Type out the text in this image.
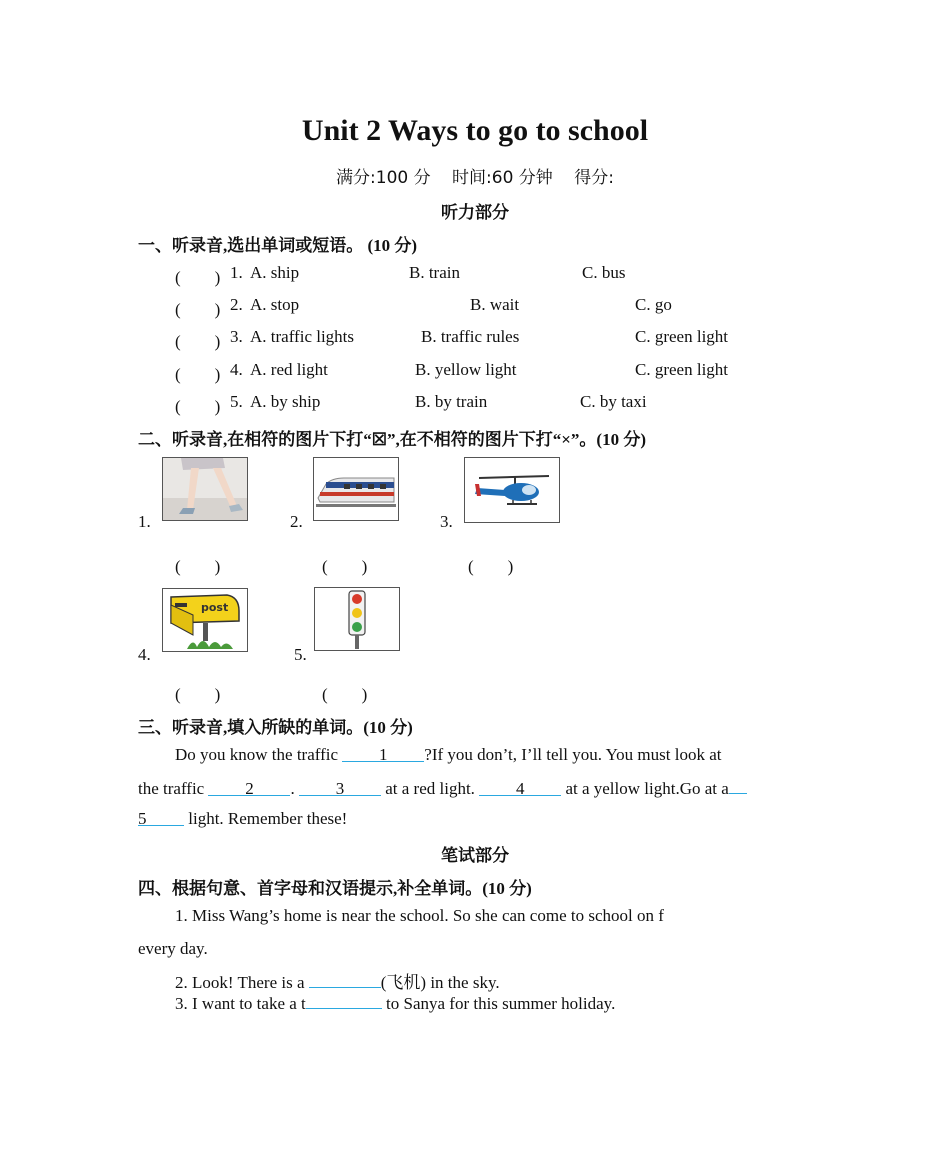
Unit 2 Ways to go to school
满分:100 分 时间:60 分钟 得分:
听力部分
一、听录音,选出单词或短语。 (10 分)
(　　) 1. A. ship	B. train	C. bus
(　　) 2. A. stop	B. wait	C. go
(　　) 3. A. traffic lights	B. traffic rules	C. green light
(　　) 4. A. red light	B. yellow light	C. green light
(　　) 5. A. by ship	B. by train	C. by taxi
二、听录音,在相符的图片下打“☒”,在不相符的图片下打“×”。(10 分)
1.	2.	3.
(　　)	(　　)	(　　)
4.
post
5.
(　　)	(　　)
三、听录音,填入所缺的单词。(10 分)
Do you know the traffic 1 ?If you don’t, I’ll tell you. You must look at
the traffic 2 . 3 at a red light. 4 at a yellow light.Go at a
5 light. Remember these!
笔试部分
四、根据句意、首字母和汉语提示,补全单词。(10 分)
1. Miss Wang’s home is near the school. So she can come to school on f
every day.
2. Look! There is a	(飞机) in the sky.
3. I want to take a t	to Sanya for this summer holiday.
